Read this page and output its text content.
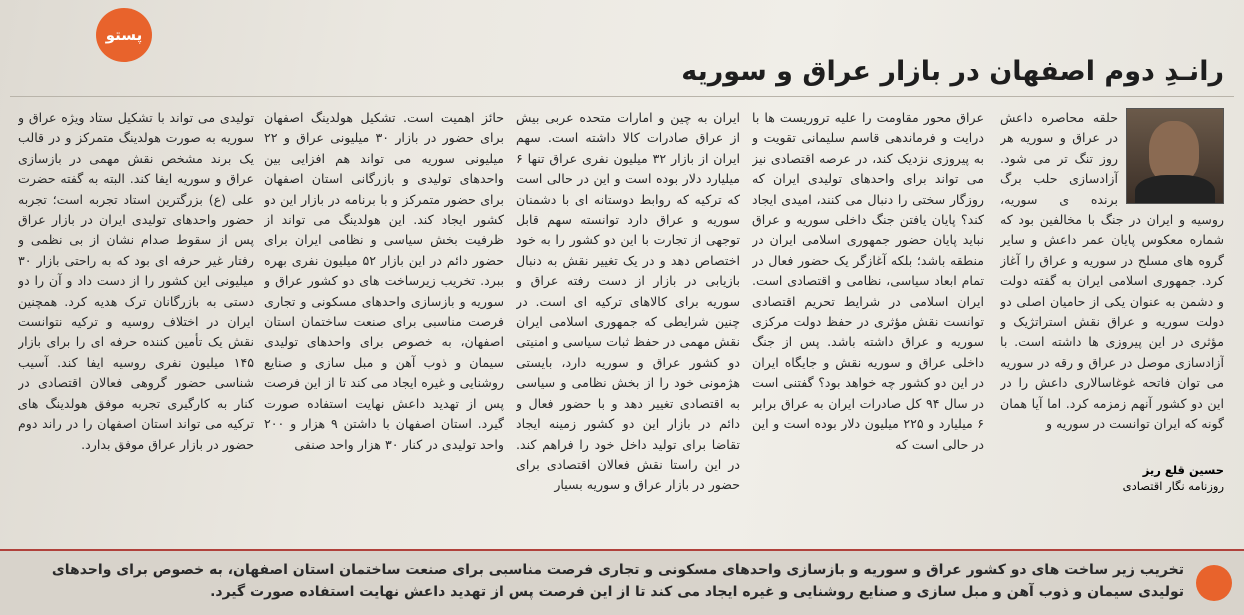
پستو
رانـدِ دوم اصفهان در بازار عراق و سوریه

حلقه محاصره داعش در عراق و سوریه هر روز تنگ تر می شود. آزادسازی حلب برگ برنده ی سوریه، روسیه و ایران در جنگ با مخالفین بود که شماره معکوس پایان عمر داعش و سایر گروه های مسلح در سوریه و عراق را آغاز کرد. جمهوری اسلامی ایران به گفته دولت و دشمن به عنوان یکی از حامیان اصلی دو دولت سوریه و عراق نقش استراتژیک و مؤثری در این پیروزی ها داشته است. با آزادسازی موصل در عراق و رقه در سوریه می توان فاتحه غوغاسالاری داعش را در این دو کشور آنهم زمزمه کرد. اما آیا همان گونه که ایران توانست در سوریه و

عراق محور مقاومت را علیه تروریست ها با درایت و فرماندهی قاسم سلیمانی تقویت و به پیروزی نزدیک کند، در عرصه اقتصادی نیز می تواند برای واحدهای تولیدی ایران که روزگار سختی را دنبال می کنند، امیدی ایجاد کند؟ پایان یافتن جنگ داخلی سوریه و عراق نباید پایان حضور جمهوری اسلامی ایران در منطقه باشد؛ بلکه آغازگر یک حضور فعال در تمام ابعاد سیاسی، نظامی و اقتصادی است. ایران اسلامی در شرایط تحریم اقتصادی توانست نقش مؤثری در حفظ دولت مرکزی سوریه و عراق داشته باشد. پس از جنگ داخلی عراق و سوریه نقش و جایگاه ایران در این دو کشور چه خواهد بود؟ گفتنی است در سال ۹۴ کل صادرات ایران به عراق برابر ۶ میلیارد و ۲۲۵ میلیون دلار بوده است و این در حالی است که

ایران به چین و امارات متحده عربی بیش از عراق صادرات کالا داشته است. سهم ایران از بازار ۳۲ میلیون نفری عراق تنها ۶ میلیارد دلار بوده است و این در حالی است که ترکیه که روابط دوستانه ای با دشمنان سوریه و عراق دارد توانسته سهم قابل توجهی از تجارت با این دو کشور را به خود اختصاص دهد و در یک تغییر نقش به دنبال بازیابی در بازار از دست رفته عراق و سوریه برای کالاهای ترکیه ای است. در چنین شرایطی که جمهوری اسلامی ایران نقش مهمی در حفظ ثبات سیاسی و امنیتی دو کشور عراق و سوریه دارد، بایستی هژمونی خود را از بخش نظامی و سیاسی به اقتصادی تغییر دهد و با حضور فعال و دائم در بازار این دو کشور زمینه ایجاد تقاضا برای تولید داخل خود را فراهم کند. در این راستا نقش فعالان اقتصادی برای حضور در بازار عراق و سوریه بسیار

حائز اهمیت است. تشکیل هولدینگ اصفهان برای حضور در بازار ۳۰ میلیونی عراق و ۲۲ میلیونی سوریه می تواند هم افزایی بین واحدهای تولیدی و بازرگانی استان اصفهان برای حضور متمرکز و با برنامه در بازار این دو کشور ایجاد کند. این هولدینگ می تواند از ظرفیت بخش سیاسی و نظامی ایران برای حضور دائم در این بازار ۵۲ میلیون نفری بهره ببرد. تخریب زیرساخت های دو کشور عراق و سوریه و بازسازی واحدهای مسکونی و تجاری فرصت مناسبی برای صنعت ساختمان استان اصفهان، به خصوص برای واحدهای تولیدی سیمان و ذوب آهن و مبل سازی و صنایع روشنایی و غیره ایجاد می کند تا از این فرصت پس از تهدید داعش نهایت استفاده صورت گیرد. استان اصفهان با داشتن ۹ هزار و ۲۰۰ واحد تولیدی در کنار ۳۰ هزار واحد صنفی

تولیدی می تواند با تشکیل ستاد ویژه عراق و سوریه به صورت هولدینگ متمرکز و در قالب یک برند مشخص نقش مهمی در بازسازی عراق و سوریه ایفا کند. البته به گفته حضرت علی (ع) بزرگترین استاد تجربه است؛ تجربه حضور واحدهای تولیدی ایران در بازار عراق پس از سقوط صدام نشان از بی نظمی و رفتار غیر حرفه ای بود که به راحتی بازار ۳۰ میلیونی این کشور را از دست داد و آن را دو دستی به بازرگانان ترک هدیه کرد. همچنین ایران در اختلاف روسیه و ترکیه نتوانست نقش یک تأمین کننده حرفه ای را برای بازار ۱۴۵ میلیون نفری روسیه ایفا کند. آسیب شناسی حضور گروهی فعالان اقتصادی در کنار به کارگیری تجربه موفق هولدینگ های ترکیه می تواند استان اصفهان را در راند دوم حضور در بازار عراق موفق بدارد.

حسین قلع ریز
روزنامه نگار اقتصادی
تخریب زیر ساخت های دو کشور عراق و سوریه و بازسازی واحدهای مسکونی و تجاری فرصت مناسبی برای صنعت ساختمان استان اصفهان، به خصوص برای واحدهای تولیدی سیمان و ذوب آهن و مبل سازی و صنایع روشنایی و غیره ایجاد می کند تا از این فرصت پس از تهدید داعش نهایت استفاده صورت گیرد.
